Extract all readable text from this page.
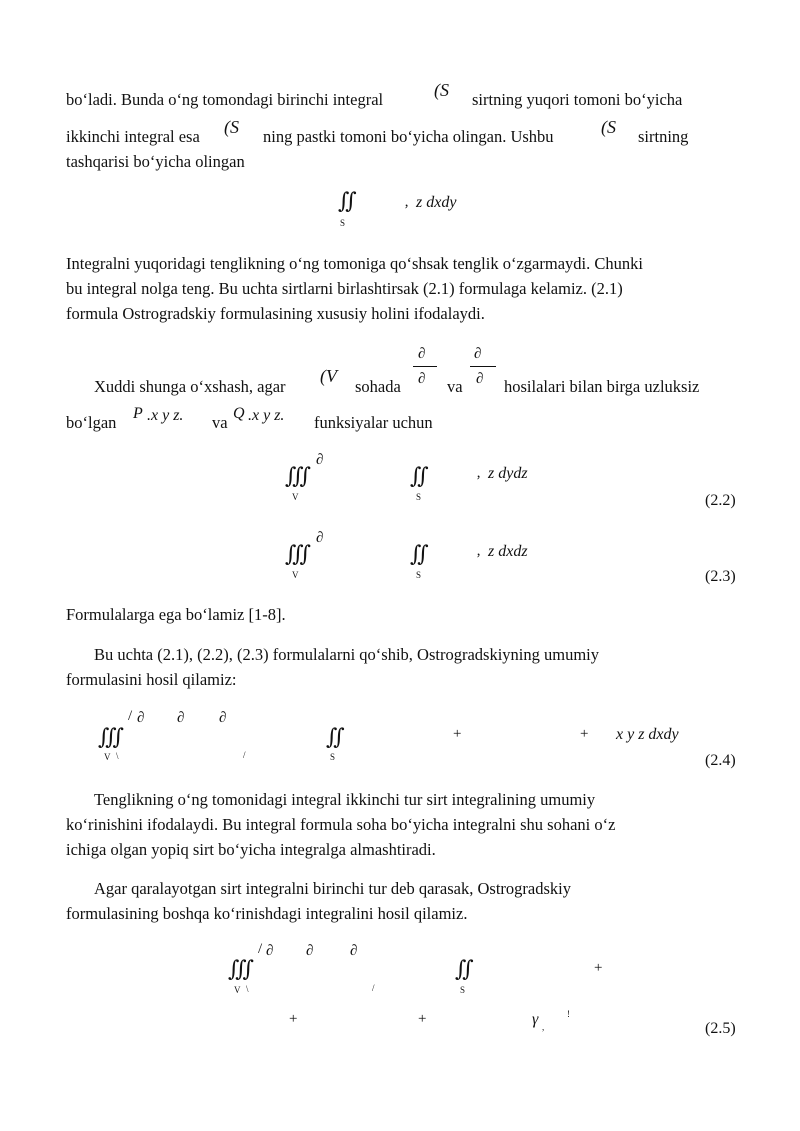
bo‘ladi. Bunda o‘ng tomondagi birinchi integral	(S sirtning yuqori tomoni bo‘yicha
ikkinchi integral esa (S ning pastki tomoni bo‘yicha olingan. Ushbu	(S sirtning
tashqarisi bo‘yicha olingan
∬
S
‚ z dxdy
Integralni yuqoridagi tenglikning o‘ng tomoniga qo‘shsak tenglik o‘zgarmaydi. Chunki
bu integral nolga teng. Bu uchta sirtlarni birlashtirsak (2.1) formulaga kelamiz. (2.1)
formula Ostrogradskiy formulasining xususiy holini ifodalaydi.
∂
∂
∂
∂
Xuddi shunga o‘xshash, agar
(V
sohada	va	hosilalari bilan birga uzluksiz
bo‘lgan P .x y z. va Q .x y z. funksiyalar uchun
∭
V
∂
∬
S
‚ z dydz
(2.2)
∭
V
∂
∬
S
‚ z dxdz
(2.3)
Formulalarga ega bo‘lamiz [1-8].
Bu uchta (2.1), (2.2), (2.3) formulalarni qo‘shib, Ostrogradskiyning umumiy
formulasini hosil qilamiz:
∭
V \
/ ∂ ∂ ∂
/
∬
S
+	+ x y z dxdy
(2.4)
Tenglikning o‘ng tomonidagi integral ikkinchi tur sirt integralining umumiy
ko‘rinishini ifodalaydi. Bu integral formula soha bo‘yicha integralni shu sohani o‘z
ichiga olgan yopiq sirt bo‘yicha integralga almashtiradi.
Agar qaralayotgan sirt integralni birinchi tur deb qarasak, Ostrogradskiy
formulasining boshqa ko‘rinishdagi integralini hosil qilamiz.
∭
V \
/ ∂ ∂ ∂
/
∬
S
+
+	+	γ ,
!
(2.5)
